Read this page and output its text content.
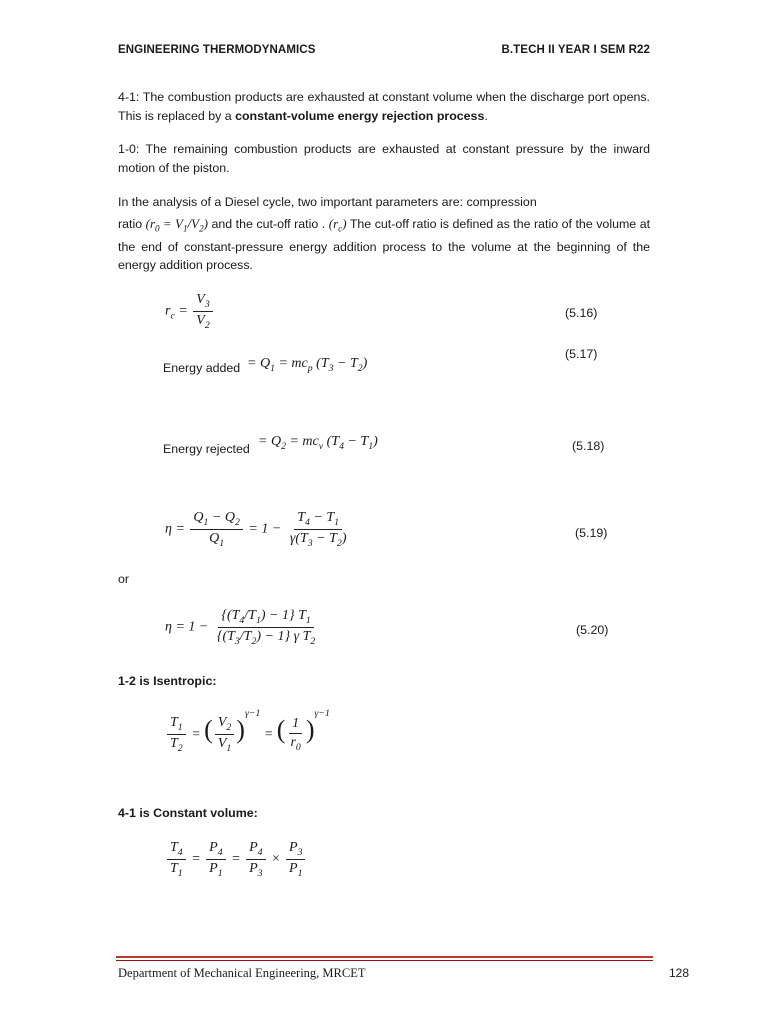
ENGINEERING THERMODYNAMICS	B.TECH II YEAR I SEM R22
4-1: The combustion products are exhausted at constant volume when the discharge port opens. This is replaced by a constant-volume energy rejection process.
1-0: The remaining combustion products are exhausted at constant pressure by the inward motion of the piston.
In the analysis of a Diesel cycle, two important parameters are: compression
ratio $(r_0 = V_1/V_2)$ and the cut-off ratio . $(r_c)$ The cut-off ratio is defined as the ratio of the volume at the end of constant-pressure energy addition process to the volume at the beginning of the energy addition process.
$r_c = \frac{V_3}{V_2}$	(5.16)
Energy added = $Q_1 = mc_p$ $(T_3 - T_2)$
(5.17)
Energy rejected = $Q_2 = mc_v$ $(T_4 - T_1)$	(5.18)
$\eta = \frac{Q_1 - Q_2}{Q_1} = 1 - \frac{T_4 - T_1}{\gamma(T_3 - T_2)}$	(5.19)
or
$\eta = 1 - \frac{\{(T_4/T_1) - 1\} T_1}{\{(T_3/T_2) - 1\} \gamma T_2}$	(5.20)
1-2 is Isentropic:
$\frac{T_1}{T_2}$ = ( $\frac{V_2}{V_1} )^{\gamma-1}$ = ( $\frac{1}{r_0} )^{\gamma-1}$
4-1 is Constant volume:
$\frac{T_4}{T_1} = \frac{P_4}{P_1} = \frac{P_4}{P_3} \times \frac{P_3}{P_1}$
Department of Mechanical Engineering, MRCET	128
